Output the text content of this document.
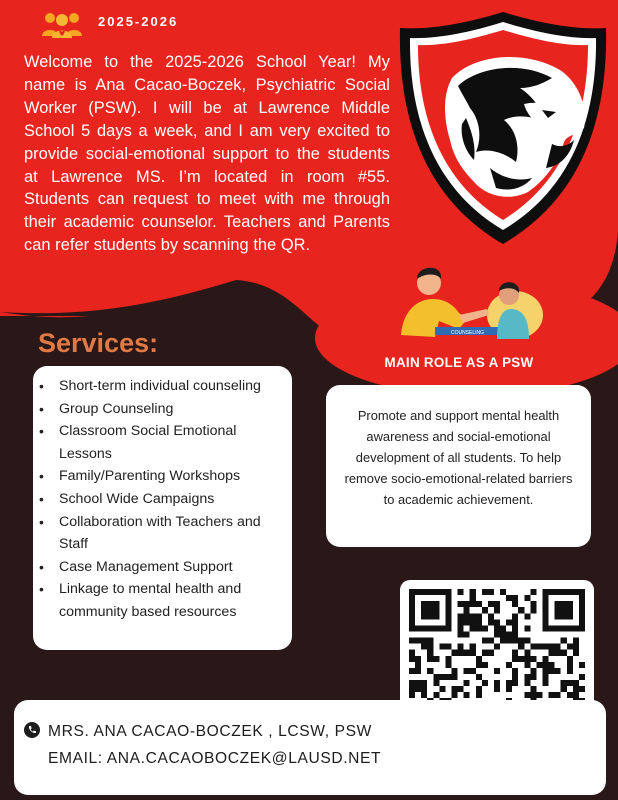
2025-2026
Welcome to the 2025-2026 School Year! My name is Ana Cacao-Boczek, Psychiatric Social Worker (PSW). I will be at Lawrence Middle School 5 days a week, and I am very excited to provide social-emotional support to the students at Lawrence MS. I’m located in room #55. Students can request to meet with me through their academic counselor. Teachers and Parents can refer students by scanning the QR.
COUNSELING
Services:
• Short-term individual counseling
• Group Counseling
• Classroom Social Emotional Lessons
• Family/Parenting Workshops
• School Wide Campaigns
• Collaboration with Teachers and Staff
• Case Management Support
• Linkage to mental health and community based resources
MAIN ROLE AS A PSW
Promote and support mental health awareness and social-emotional development of all students. To help remove socio-emotional-related barriers to academic achievement.
MRS. ANA CACAO-BOCZEK , LCSW, PSW
EMAIL: ANA.CACAOBOCZEK@LAUSD.NET
